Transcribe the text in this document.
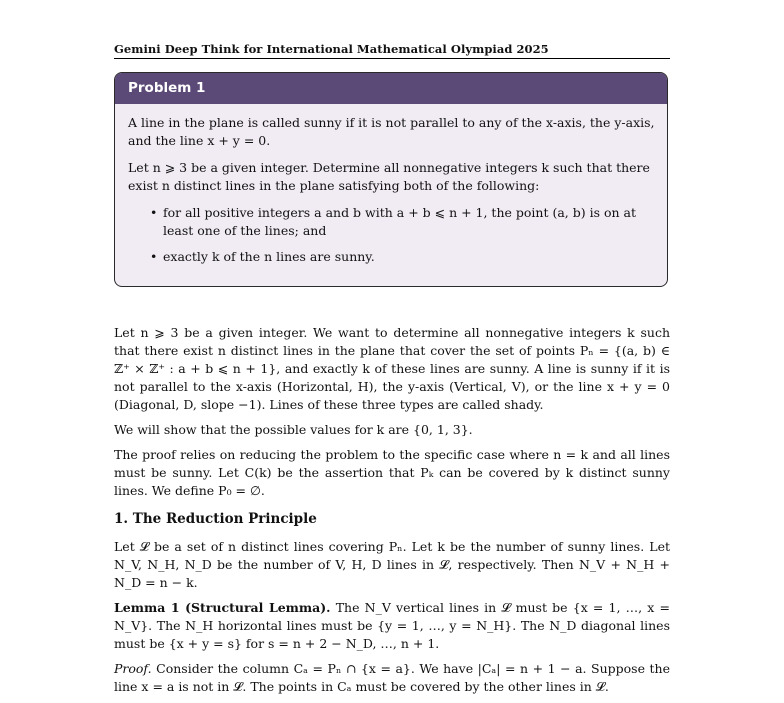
Gemini Deep Think for International Mathematical Olympiad 2025
Problem 1

A line in the plane is called sunny if it is not parallel to any of the x-axis, the y-axis, and the line x + y = 0.

Let n ⩾ 3 be a given integer. Determine all nonnegative integers k such that there exist n distinct lines in the plane satisfying both of the following:

• for all positive integers a and b with a + b ⩽ n + 1, the point (a, b) is on at least one of the lines; and
• exactly k of the n lines are sunny.

Let n ⩾ 3 be a given integer. We want to determine all nonnegative integers k such that there exist n distinct lines in the plane that cover the set of points Pₙ = {(a, b) ∈ ℤ⁺ × ℤ⁺ : a + b ⩽ n + 1}, and exactly k of these lines are sunny. A line is sunny if it is not parallel to the x-axis (Horizontal, H), the y-axis (Vertical, V), or the line x + y = 0 (Diagonal, D, slope −1). Lines of these three types are called shady.

We will show that the possible values for k are {0, 1, 3}.

The proof relies on reducing the problem to the specific case where n = k and all lines must be sunny. Let C(k) be the assertion that Pₖ can be covered by k distinct sunny lines. We define P₀ = ∅.

1. The Reduction Principle

Let 𝓛 be a set of n distinct lines covering Pₙ. Let k be the number of sunny lines. Let N_V, N_H, N_D be the number of V, H, D lines in 𝓛, respectively. Then N_V + N_H + N_D = n − k.

Lemma 1 (Structural Lemma). The N_V vertical lines in 𝓛 must be {x = 1, …, x = N_V}. The N_H horizontal lines must be {y = 1, …, y = N_H}. The N_D diagonal lines must be {x + y = s} for s = n + 2 − N_D, …, n + 1.

Proof. Consider the column Cₐ = Pₙ ∩ {x = a}. We have |Cₐ| = n + 1 − a. Suppose the line x = a is not in 𝓛. The points in Cₐ must be covered by the other lines in 𝓛.
